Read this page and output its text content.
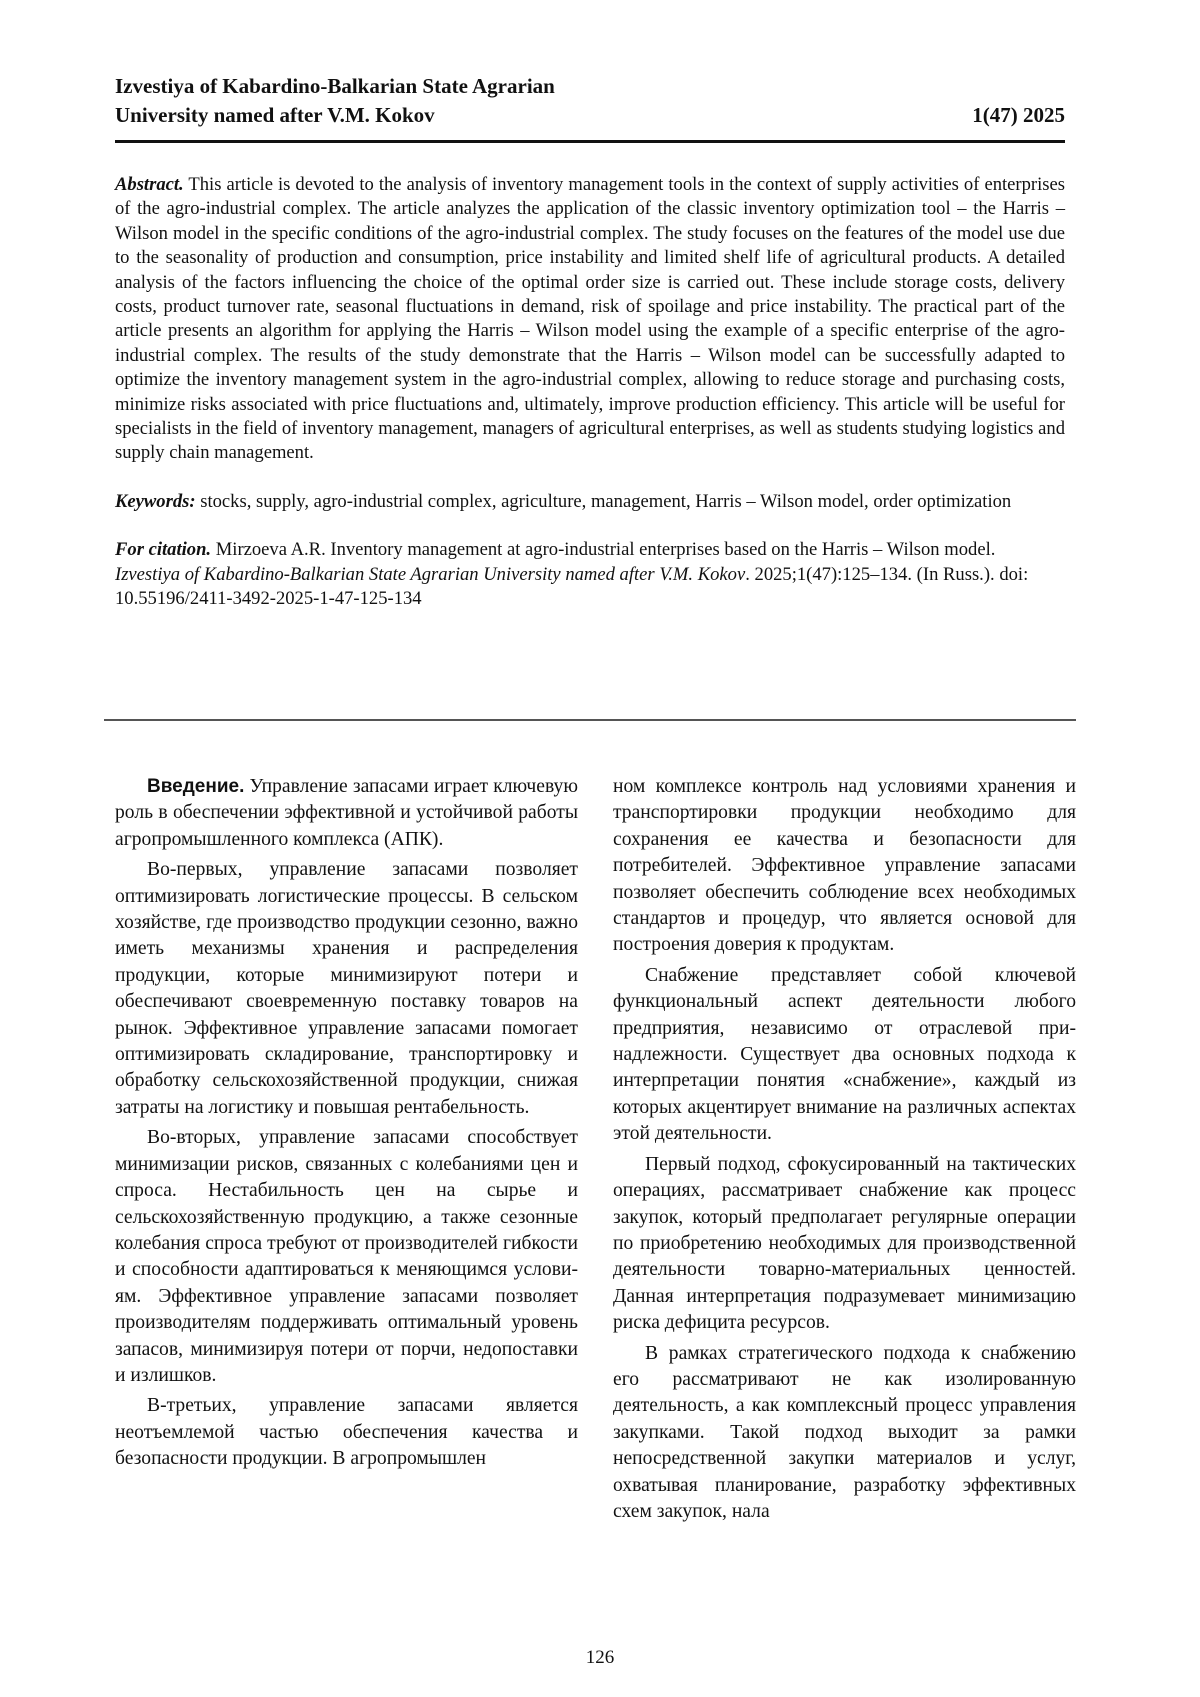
Izvestiya of Kabardino-Balkarian State Agrarian
University named after V.M. Kokov	1(47) 2025

Abstract. This article is devoted to the analysis of inventory management tools in the context of supply activities of enterprises of the agro-industrial complex. The article analyzes the application of the classic inventory optimization tool – the Harris – Wilson model in the specific conditions of the agro-industrial complex. The study focuses on the features of the model use due to the seasonality of production and consumption, price instability and limited shelf life of agricultural products. A detailed analysis of the factors influencing the choice of the optimal order size is carried out. These include storage costs, delivery costs, product turnover rate, seasonal fluctuations in demand, risk of spoilage and price instability. The practical part of the article presents an algorithm for applying the Harris – Wilson model using the example of a specific enterprise of the agro-industrial complex. The results of the study demonstrate that the Harris – Wilson model can be successfully adapted to optimize the inventory management system in the agro-industrial complex, allowing to reduce storage and purchasing costs, minimize risks associated with price fluctuations and, ultimately, improve production efficiency. This article will be useful for specialists in the field of inventory management, managers of agricultural enterprises, as well as students studying logistics and supply chain management.

Keywords: stocks, supply, agro-industrial complex, agriculture, management, Harris – Wilson model, order optimization

For citation. Mirzoeva A.R. Inventory management at agro-industrial enterprises based on the Harris – Wilson model. Izvestiya of Kabardino-Balkarian State Agrarian University named after V.M. Kokov. 2025;1(47):125–134. (In Russ.). doi: 10.55196/2411-3492-2025-1-47-125-134

Введение. Управление запасами играет ключевую роль в обеспечении эффективной и устойчивой работы агропромышленного комплекса (АПК).

Во-первых, управление запасами позволяет оптимизировать логистические процессы. В сельском хозяйстве, где производство продукции сезонно, важно иметь механизмы хранения и распределения продукции, которые минимизируют потери и обеспечивают своевременную поставку товаров на рынок. Эффективное управление запасами помогает оптимизировать складирование, транспортировку и обработку сельскохозяйственной продукции, снижая затраты на логистику и повышая рентабельность.

Во-вторых, управление запасами способствует минимизации рисков, связанных с колебаниями цен и спроса. Нестабильность цен на сырье и сельскохозяйственную продукцию, а также сезонные колебания спроса требуют от производителей гибкости и способности адаптироваться к меняющимся условиям. Эффективное управление запасами позволяет производителям поддерживать оптимальный уровень запасов, минимизируя потери от порчи, недопоставки и излишков.

В-третьих, управление запасами является неотъемлемой частью обеспечения качества и безопасности продукции. В агропромышлен

ном комплексе контроль над условиями хранения и транспортировки продукции необходимо для сохранения ее качества и безопасности для потребителей. Эффективное управление запасами позволяет обеспечить соблюдение всех необходимых стандартов и процедур, что является основой для построения доверия к продуктам.

Снабжение представляет собой ключевой функциональный аспект деятельности любого предприятия, независимо от отраслевой принадлежности. Существует два основных подхода к интерпретации понятия «снабжение», каждый из которых акцентирует внимание на различных аспектах этой деятельности.

Первый подход, сфокусированный на тактических операциях, рассматривает снабжение как процесс закупок, который предполагает регулярные операции по приобретению необходимых для производственной деятельности товарно-материальных ценностей. Данная интерпретация подразумевает минимизацию риска дефицита ресурсов.

В рамках стратегического подхода к снабжению его рассматривают не как изолированную деятельность, а как комплексный процесс управления закупками. Такой подход выходит за рамки непосредственной закупки материалов и услуг, охватывая планирование, разработку эффективных схем закупок, нала

126
